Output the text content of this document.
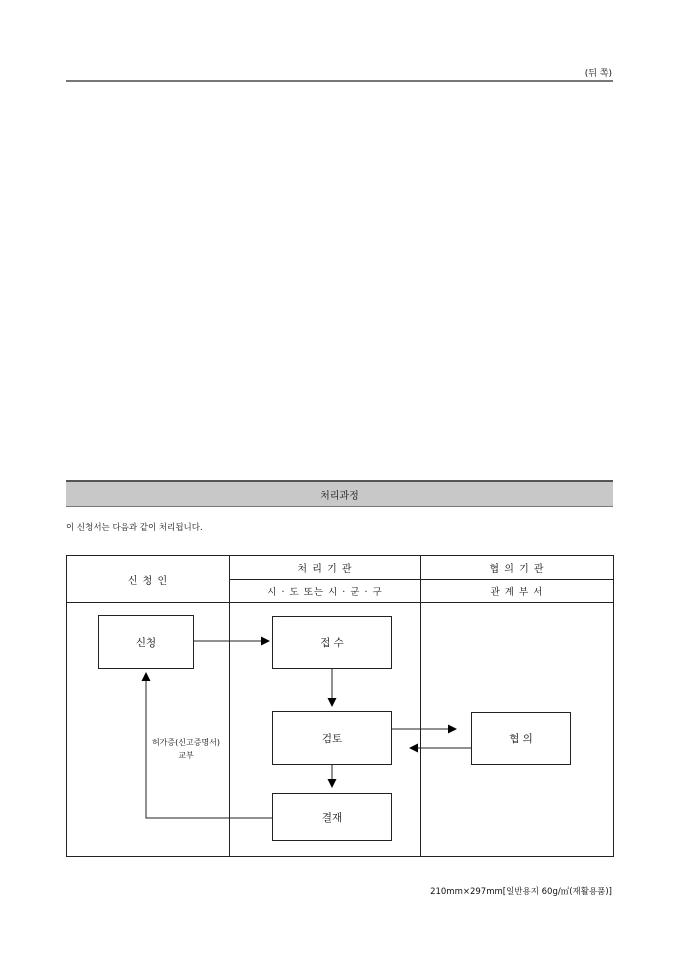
(뒤 쪽)
처리과정
이 신청서는 다음과 같이 처리됩니다.
신 청 인
처 리 기 관
시 · 도 또는 시 · 군 · 구
협 의 기 관
관 계 부 서
신청	접 수
검토
결재
협 의
허가증(신고증명서)
교부
210mm×297mm[일반용지 60g/㎡(재활용품)]
